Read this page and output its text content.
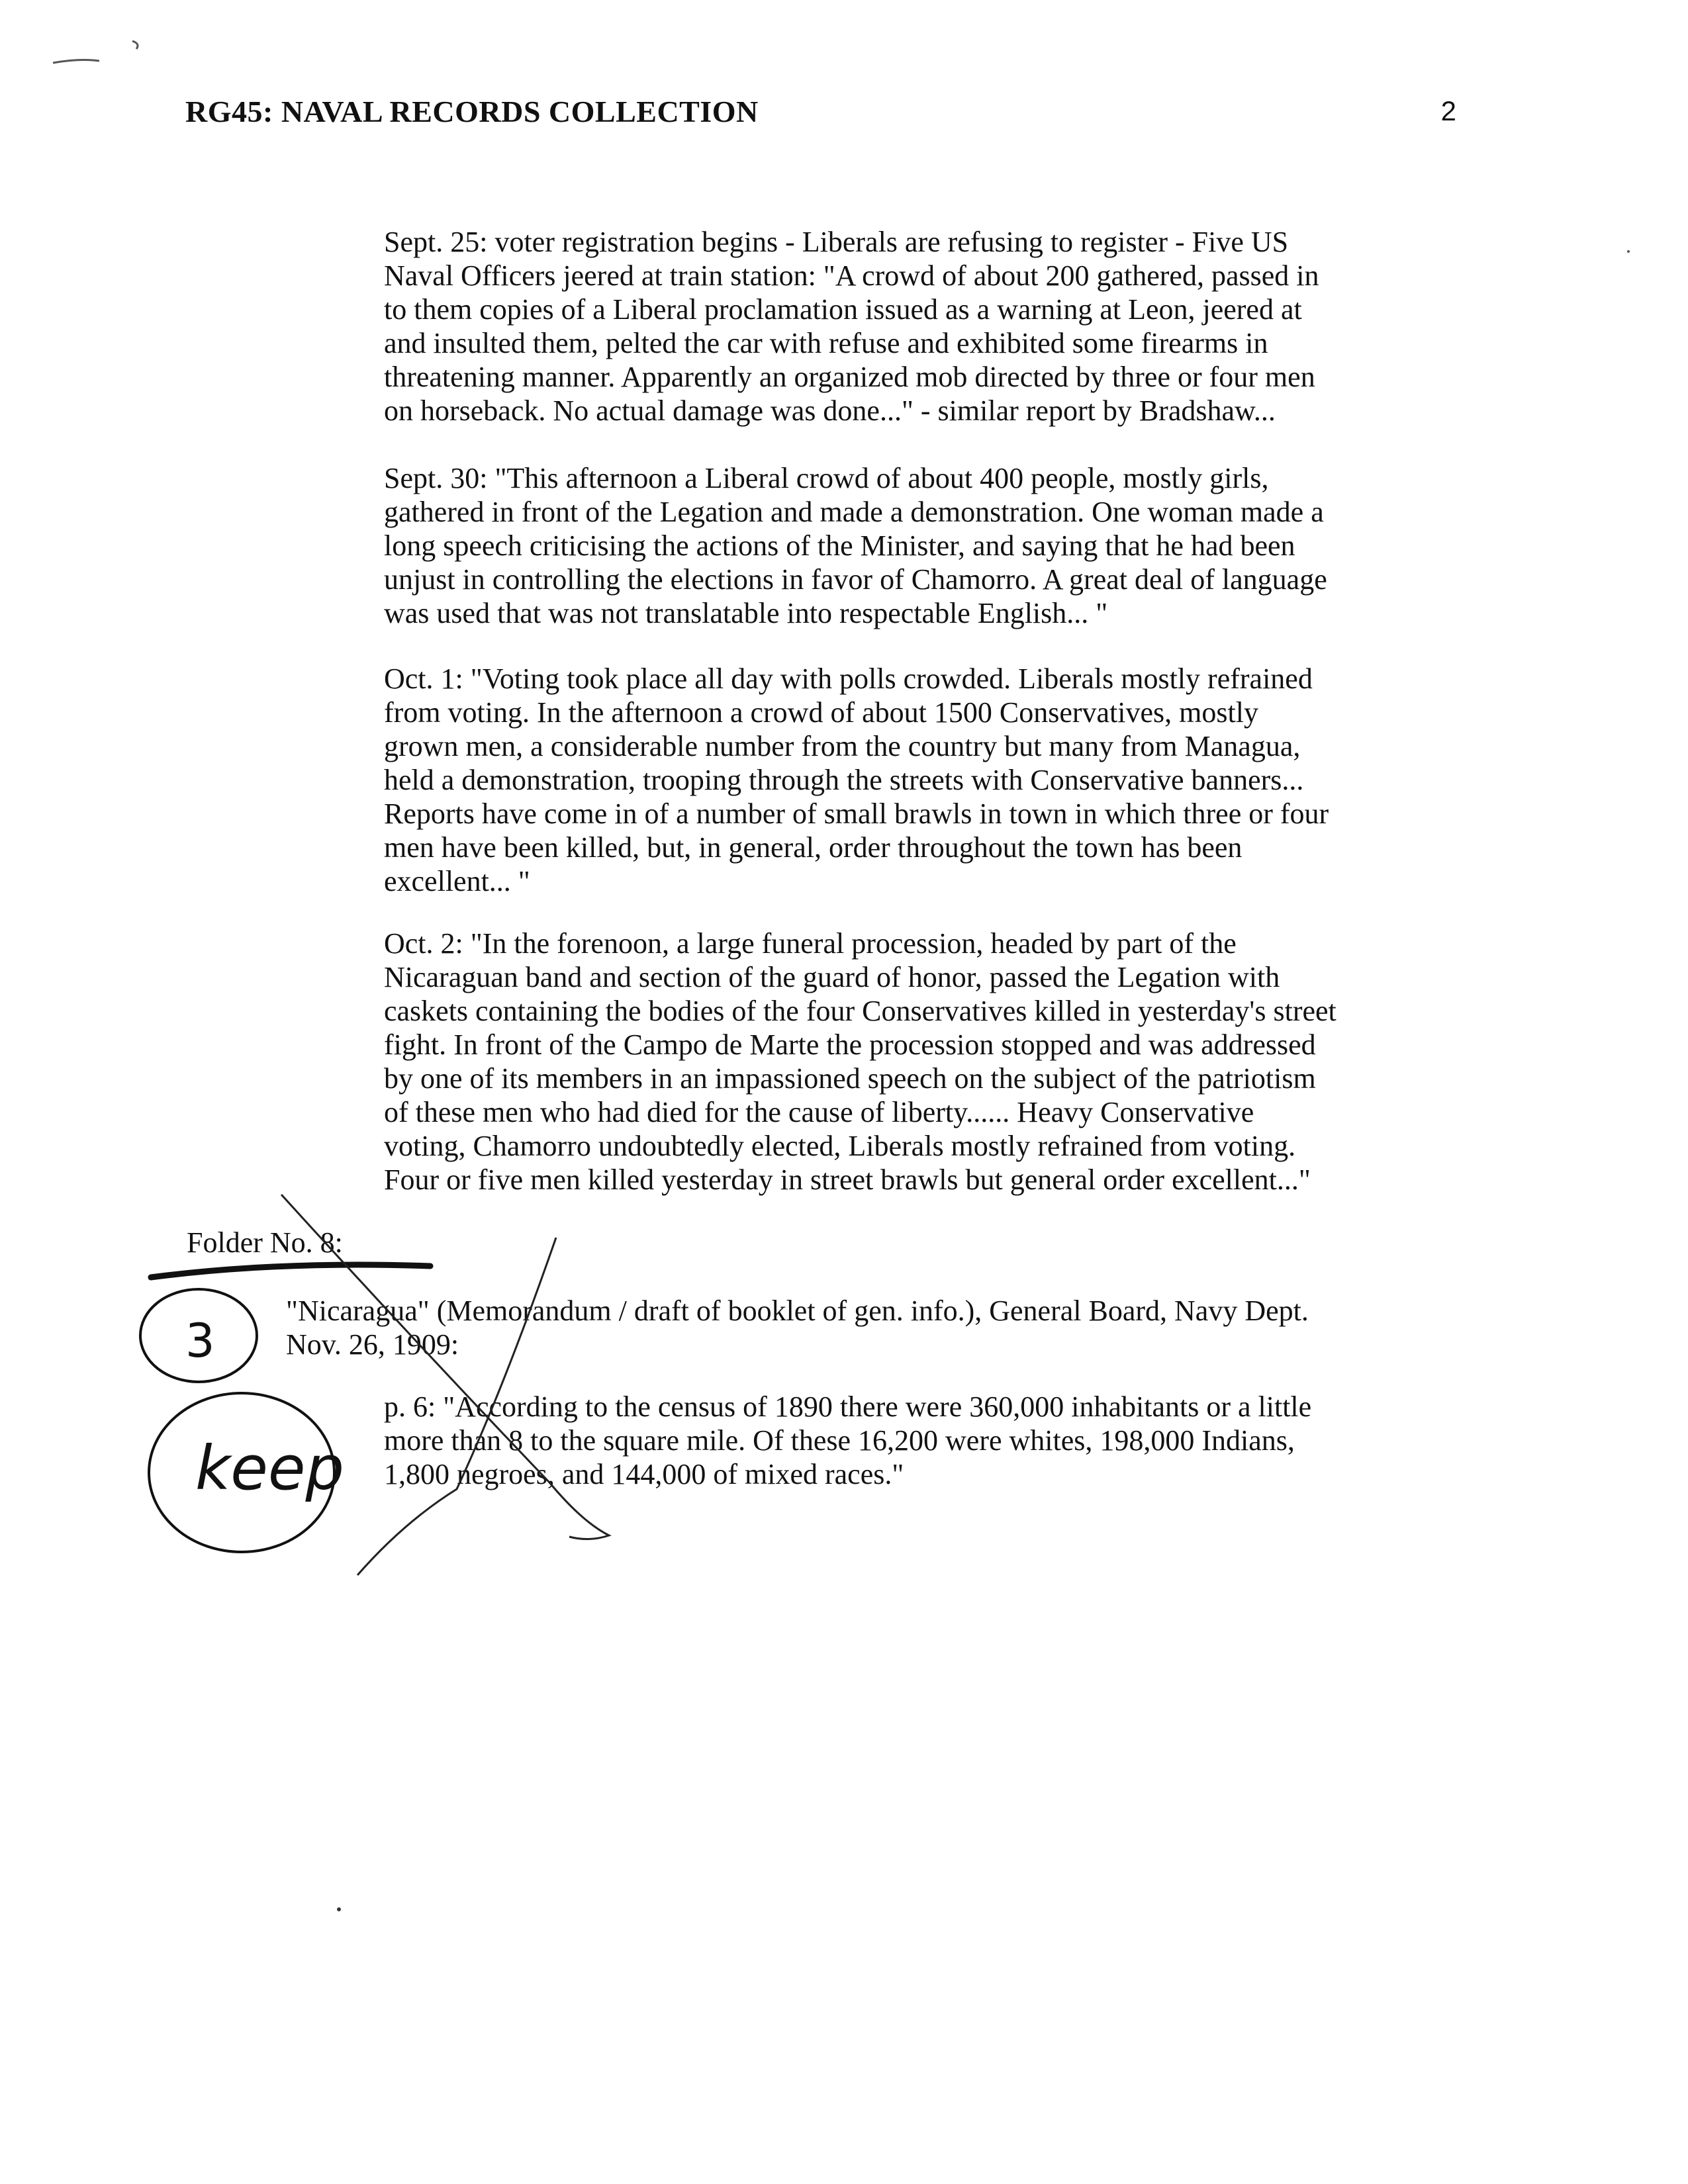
RG45: NAVAL RECORDS COLLECTION	2

Sept. 25: voter registration begins - Liberals are refusing to register - Five US

Naval Officers jeered at train station: "A crowd of about 200 gathered, passed in

to them copies of a Liberal proclamation issued as a warning at Leon, jeered at

and insulted them, pelted the car with refuse and exhibited some firearms in

threatening manner. Apparently an organized mob directed by three or four men

on horseback. No actual damage was done..." - similar report by Bradshaw...

Sept. 30: "This afternoon a Liberal crowd of about 400 people, mostly girls,

gathered in front of the Legation and made a demonstration. One woman made a

long speech criticising the actions of the Minister, and saying that he had been

unjust in controlling the elections in favor of Chamorro. A great deal of language

was used that was not translatable into respectable English... "

Oct. 1: "Voting took place all day with polls crowded. Liberals mostly refrained

from voting. In the afternoon a crowd of about 1500 Conservatives, mostly

grown men, a considerable number from the country but many from Managua,

held a demonstration, trooping through the streets with Conservative banners...

Reports have come in of a number of small brawls in town in which three or four

men have been killed, but, in general, order throughout the town has been

excellent... "

Oct. 2: "In the forenoon, a large funeral procession, headed by part of the

Nicaraguan band and section of the guard of honor, passed the Legation with

caskets containing the bodies of the four Conservatives killed in yesterday's street

fight. In front of the Campo de Marte the procession stopped and was addressed

by one of its members in an impassioned speech on the subject of the patriotism

of these men who had died for the cause of liberty...... Heavy Conservative

voting, Chamorro undoubtedly elected, Liberals mostly refrained from voting.

Four or five men killed yesterday in street brawls but general order excellent..."

Folder No. 8:

"Nicaragua" (Memorandum / draft of booklet of gen. info.), General Board, Navy Dept.

Nov. 26, 1909:

p. 6: "According to the census of 1890 there were 360,000 inhabitants or a little

more than 8 to the square mile. Of these 16,200 were whites, 198,000 Indians,

1,800 negroes, and 144,000 of mixed races."

3
keep
